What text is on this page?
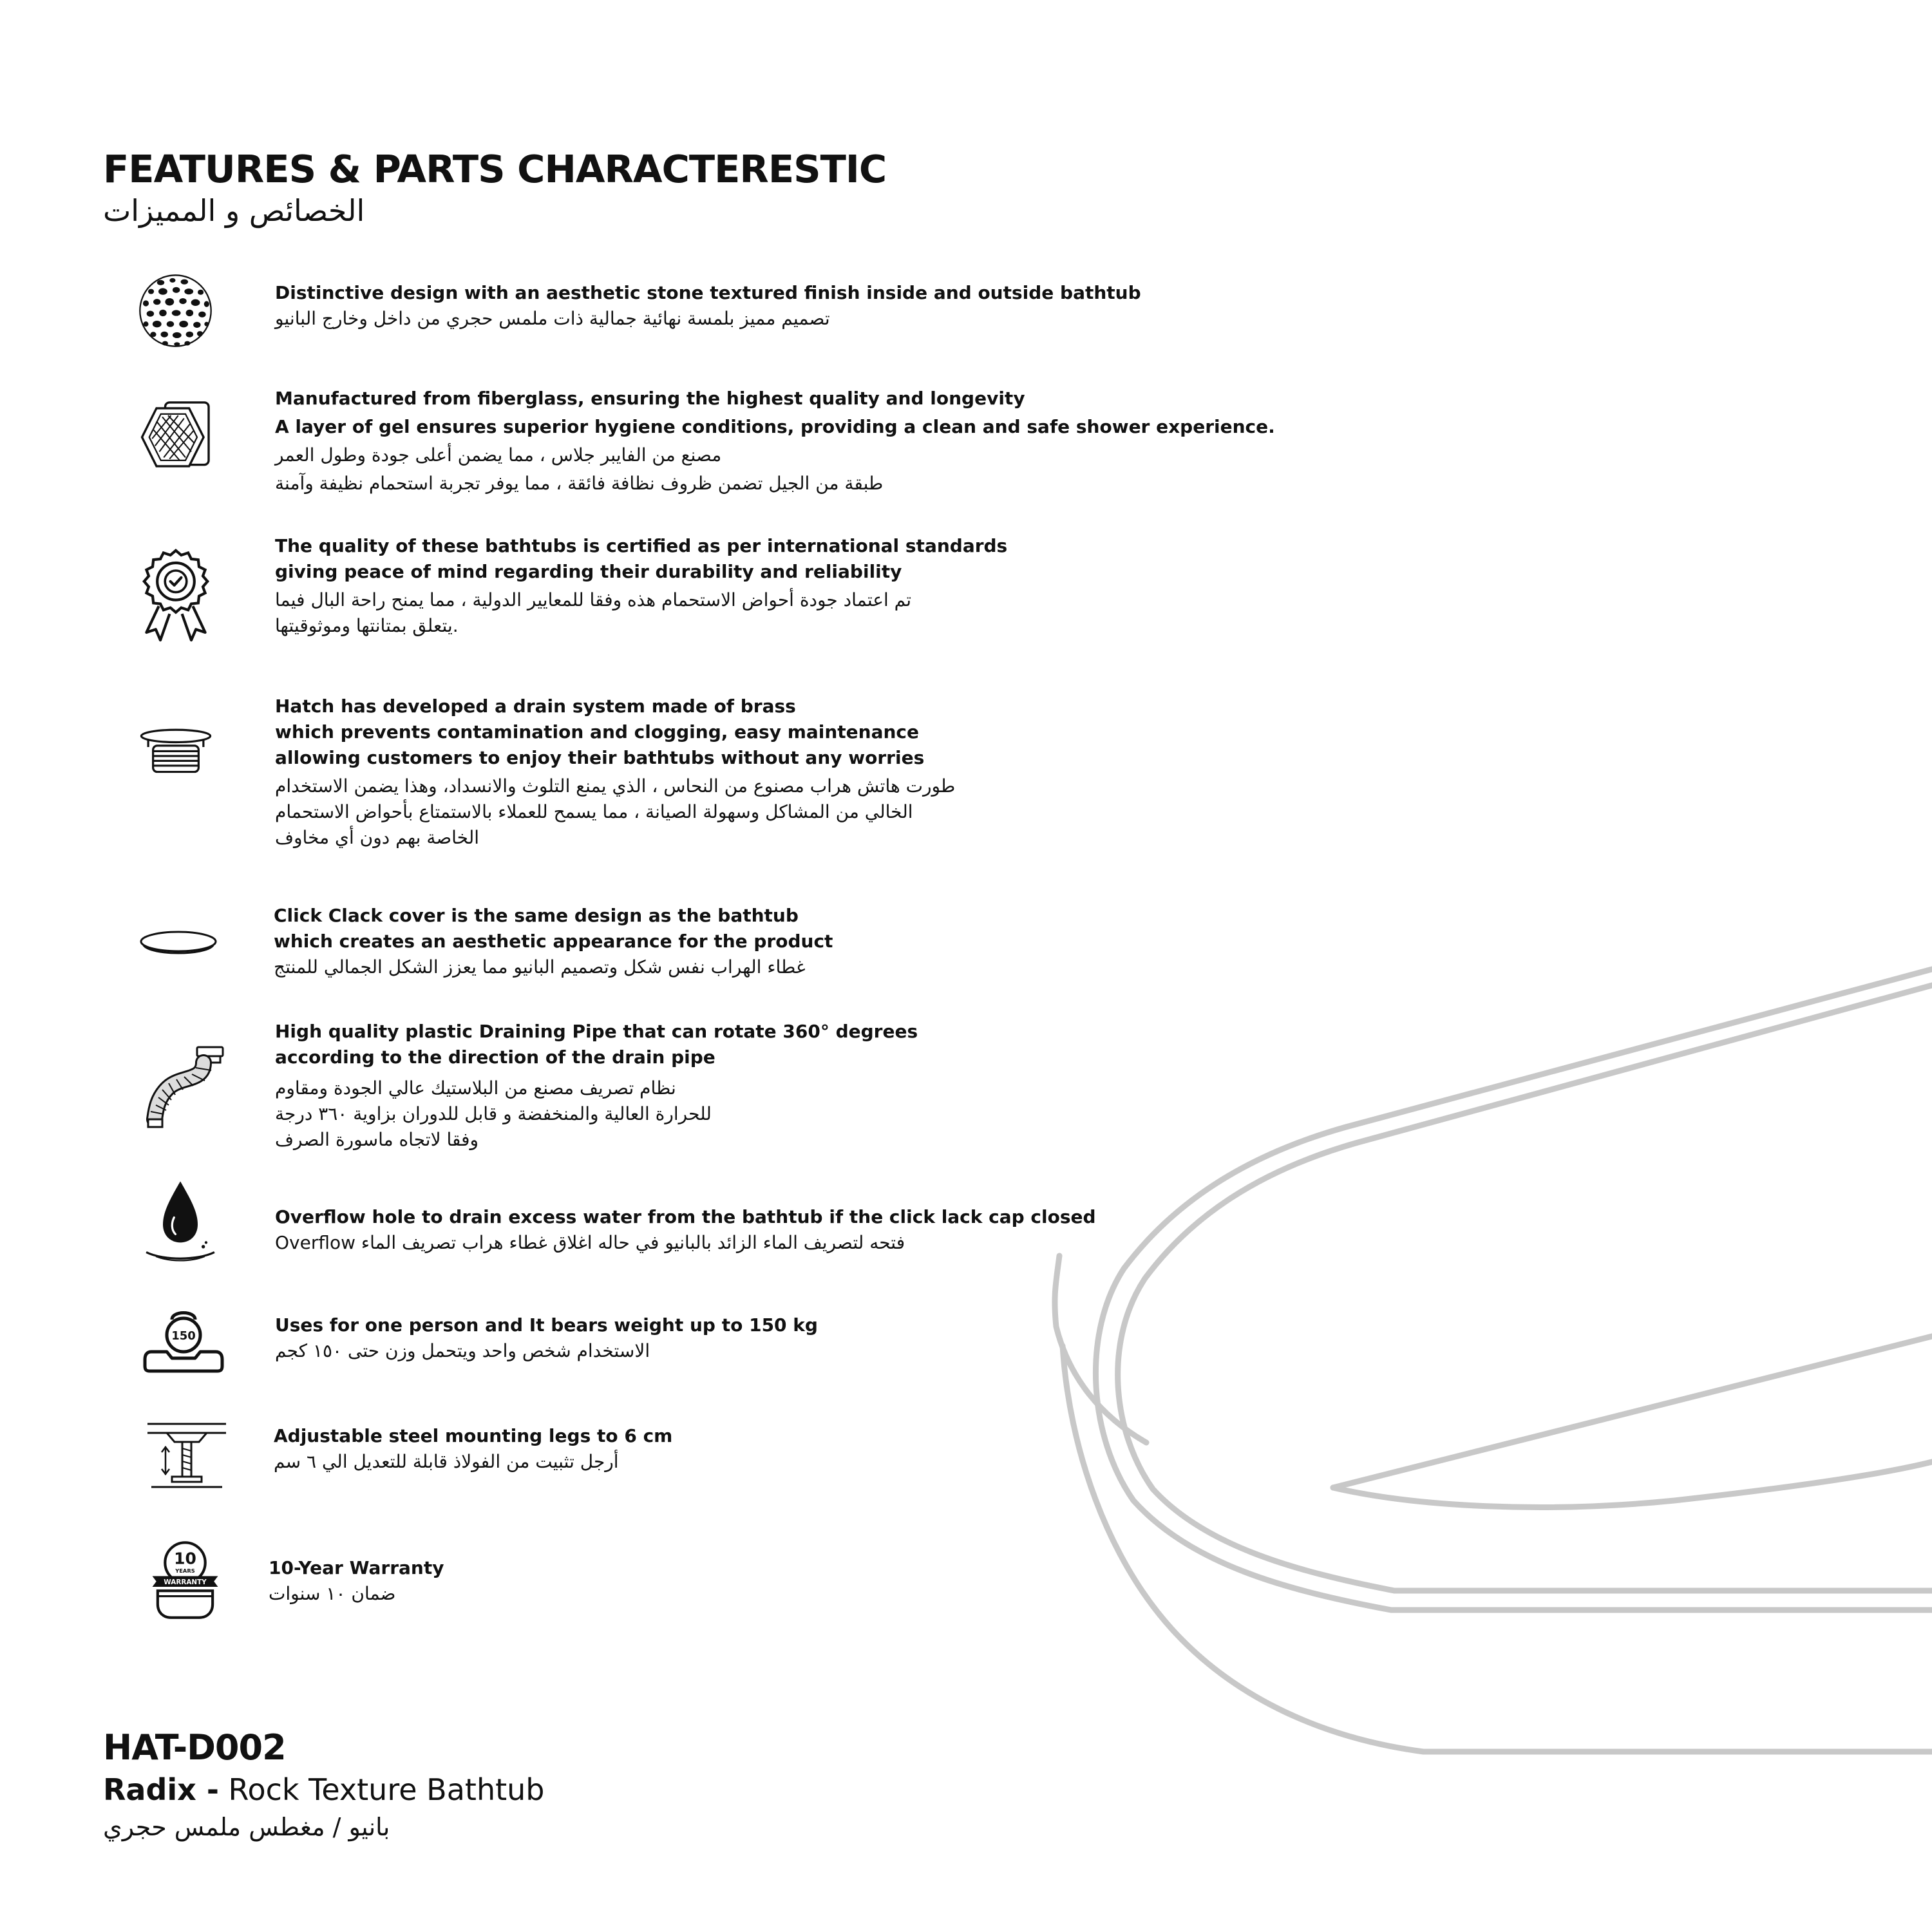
FEATURES & PARTS CHARACTERESTIC
الخصائص و المميزات

Distinctive design with an aesthetic stone textured finish inside and outside bathtub

تصميم مميز بلمسة نهائية جمالية ذات ملمس حجري من داخل وخارج البانيو

Manufactured from fiberglass, ensuring the highest quality and longevity

A layer of gel ensures superior hygiene conditions, providing a clean and safe shower experience.

مصنع من الفايبر جلاس ، مما يضمن أعلى جودة وطول العمر

طبقة من الجيل تضمن ظروف نظافة فائقة ، مما يوفر تجربة استحمام نظيفة وآمنة

The quality of these bathtubs is certified as per international standards

giving peace of mind regarding their durability and reliability

تم اعتماد جودة أحواض الاستحمام هذه وفقا للمعايير الدولية ، مما يمنح راحة البال فيما

يتعلق بمتانتها وموثوقيتها.

Hatch has developed a drain system made of brass

which prevents contamination and clogging, easy maintenance

allowing customers to enjoy their bathtubs without any worries

طورت هاتش هراب مصنوع من النحاس ، الذي يمنع التلوث والانسداد، وهذا يضمن الاستخدام

الخالي من المشاكل وسهولة الصيانة ، مما يسمح للعملاء بالاستمتاع بأحواض الاستحمام

الخاصة بهم دون أي مخاوف

Click Clack cover is the same design as the bathtub

which creates an aesthetic appearance for the product

غطاء الهراب نفس شكل وتصميم البانيو مما يعزز الشكل الجمالي للمنتج

High quality plastic Draining Pipe that can rotate 360° degrees

according to the direction of the drain pipe

نظام تصريف مصنع من البلاستيك عالي الجودة ومقاوم

للحرارة العالية والمنخفضة و قابل للدوران بزاوية ٣٦٠ درجة

وفقا لاتجاه ماسورة الصرف

Overflow hole to drain excess water from the bathtub if the click lack cap closed

Overflow فتحه لتصريف الماء الزائد بالبانيو في حاله اغلاق غطاء هراب تصريف الماء

150

Uses for one person and It bears weight up to 150 kg

الاستخدام شخص واحد ويتحمل وزن حتى ١٥٠ كجم

Adjustable steel mounting legs to 6 cm

أرجل تثبيت من الفولاذ قابلة للتعديل الي ٦ سم

10
YEARS
WARRANTY

10-Year Warranty

ضمان ١٠ سنوات

HAT-D002
Radix - Rock Texture Bathtub
بانيو / مغطس ملمس حجري
